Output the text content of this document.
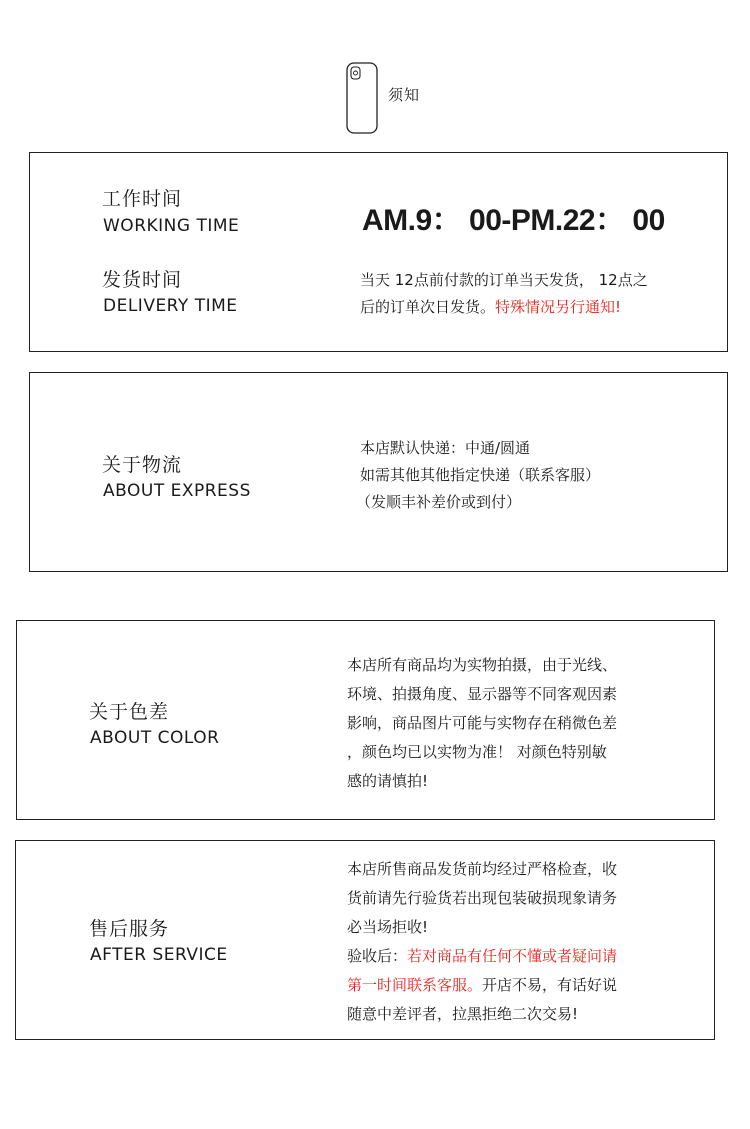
须知
工作时间
WORKING TIME	AM.9： 00-PM.22： 00
发货时间
DELIVERY TIME
当天 12点前付款的订单当天发货， 12点之
后的订单次日发货。特殊情况另行通知!
关于物流
ABOUT EXPRESS
本店默认快递：中通/圆通
如需其他其他指定快递（联系客服）
（发顺丰补差价或到付）
关于色差
ABOUT COLOR
本店所有商品均为实物拍摄，由于光线、
环境、拍摄角度、显示器等不同客观因素
影响，商品图片可能与实物存在稍微色差
，颜色均已以实物为准！ 对颜色特别敏
感的请慎拍!
售后服务
AFTER SERVICE
本店所售商品发货前均经过严格检查，收
货前请先行验货若出现包装破损现象请务
必当场拒收!
验收后：若对商品有任何不懂或者疑问请
第一时间联系客服。开店不易，有话好说
随意中差评者，拉黑拒绝二次交易!
